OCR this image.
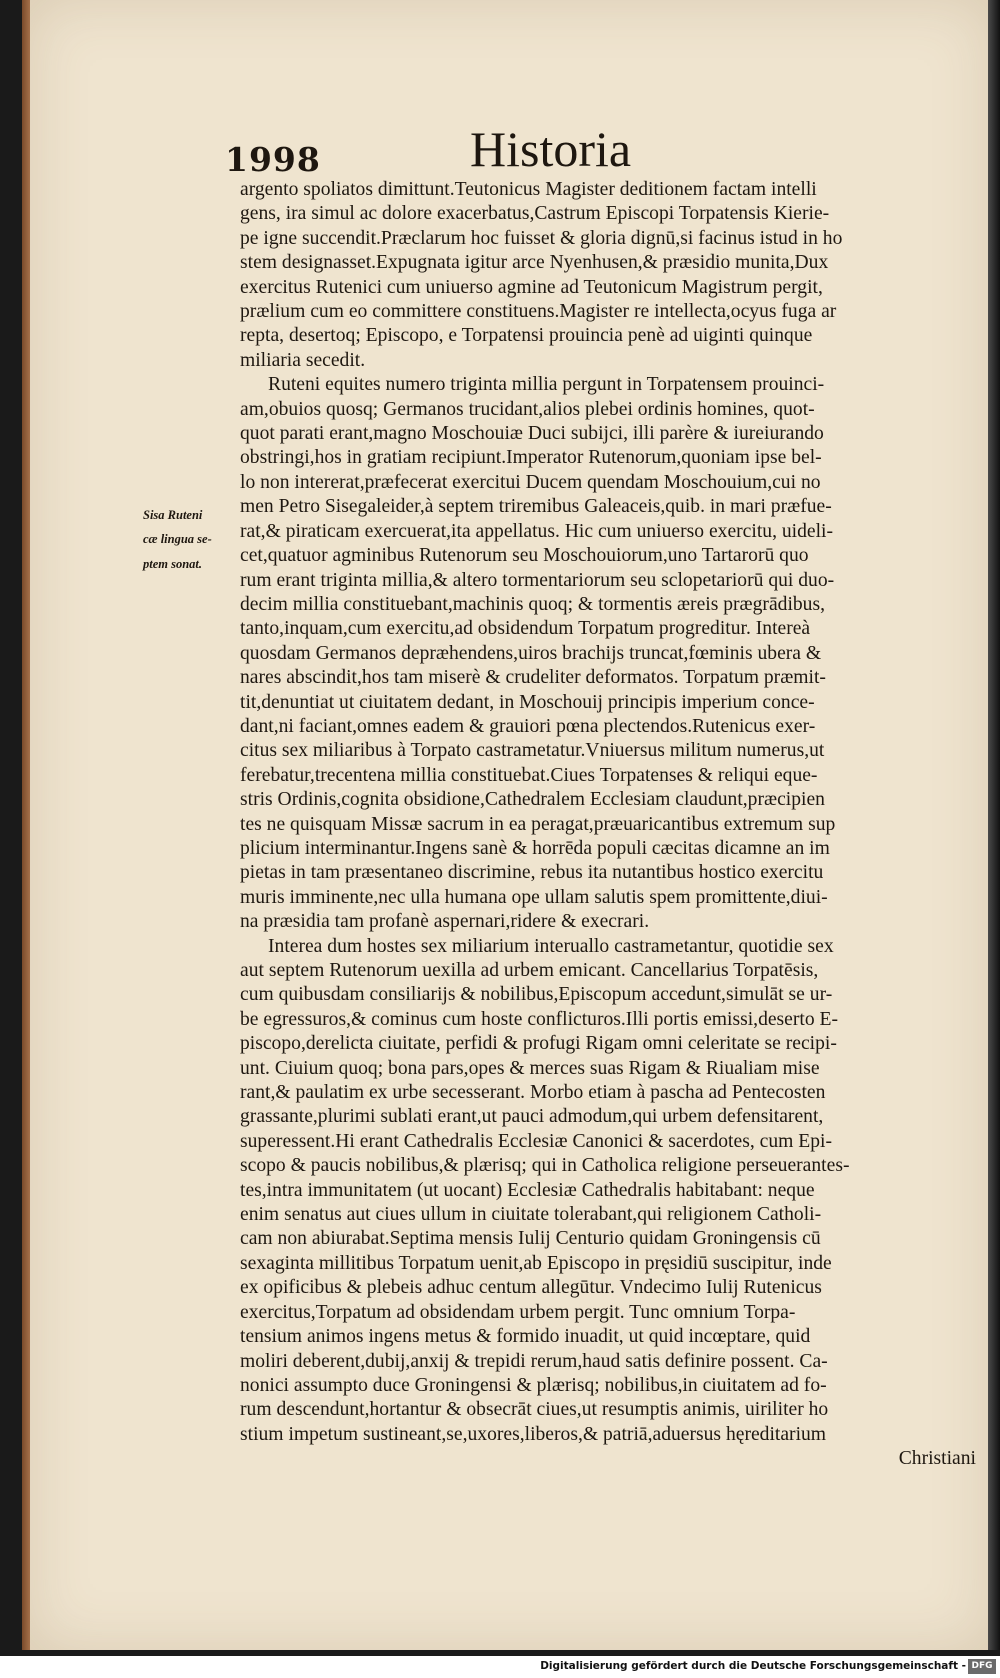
1998	Historia
argento spoliatos dimittunt.Teutonicus Magister deditionem factam intelli
gens, ira simul ac dolore exacerbatus,Castrum Episcopi Torpatensis Kierie-
pe igne succendit.Præclarum hoc fuisset & gloria dignū,si facinus istud in ho
stem designasset.Expugnata igitur arce Nyenhusen,& præsidio munita,Dux
exercitus Rutenici cum uniuerso agmine ad Teutonicum Magistrum pergit,
prælium cum eo committere constituens.Magister re intellecta,ocyus fuga ar
repta, desertoq; Episcopo, e Torpatensi prouincia penè ad uiginti quinque
miliaria secedit.
Ruteni equites numero triginta millia pergunt in Torpatensem prouinci-
am,obuios quosq; Germanos trucidant,alios plebei ordinis homines, quot-
quot parati erant,magno Moschouiæ Duci subijci, illi parère & iureiurando
obstringi,hos in gratiam recipiunt.Imperator Rutenorum,quoniam ipse bel-
lo non intererat,præfecerat exercitui Ducem quendam Moschouium,cui no
men Petro Sisegaleider,à septem triremibus Galeaceis,quib. in mari præfue-
rat,& piraticam exercuerat,ita appellatus. Hic cum uniuerso exercitu, uideli-
cet,quatuor agminibus Rutenorum seu Moschouiorum,uno Tartarorū quo
rum erant triginta millia,& altero tormentariorum seu sclopetariorū qui duo-
decim millia constituebant,machinis quoq; & tormentis æreis prægrādibus,
tanto,inquam,cum exercitu,ad obsidendum Torpatum progreditur. Intereà
quosdam Germanos depræhendens,uiros brachijs truncat,fœminis ubera &
nares abscindit,hos tam miserè & crudeliter deformatos. Torpatum præmit-
tit,denuntiat ut ciuitatem dedant, in Moschouij principis imperium conce-
dant,ni faciant,omnes eadem & grauiori pœna plectendos.Rutenicus exer-
citus sex miliaribus à Torpato castrametatur.Vniuersus militum numerus,ut
ferebatur,trecentena millia constituebat.Ciues Torpatenses & reliqui eque-
stris Ordinis,cognita obsidione,Cathedralem Ecclesiam claudunt,præcipien
tes ne quisquam Missæ sacrum in ea peragat,præuaricantibus extremum sup
plicium interminantur.Ingens sanè & horrēda populi cæcitas dicamne an im
pietas in tam præsentaneo discrimine, rebus ita nutantibus hostico exercitu
muris imminente,nec ulla humana ope ullam salutis spem promittente,diui-
na præsidia tam profanè aspernari,ridere & execrari.
Interea dum hostes sex miliarium interuallo castrametantur, quotidie sex
aut septem Rutenorum uexilla ad urbem emicant. Cancellarius Torpatēsis,
cum quibusdam consiliarijs & nobilibus,Episcopum accedunt,simulāt se ur-
be egressuros,& cominus cum hoste conflicturos.Illi portis emissi,deserto E-
piscopo,derelicta ciuitate, perfidi & profugi Rigam omni celeritate se recipi-
unt. Ciuium quoq; bona pars,opes & merces suas Rigam & Riualiam mise
rant,& paulatim ex urbe secesserant. Morbo etiam à pascha ad Pentecosten
grassante,plurimi sublati erant,ut pauci admodum,qui urbem defensitarent,
superessent.Hi erant Cathedralis Ecclesiæ Canonici & sacerdotes, cum Epi-
scopo & paucis nobilibus,& plærisq; qui in Catholica religione perseuerantes-
tes,intra immunitatem (ut uocant) Ecclesiæ Cathedralis habitabant: neque
enim senatus aut ciues ullum in ciuitate tolerabant,qui religionem Catholi-
cam non abiurabat.Septima mensis Iulij Centurio quidam Groningensis cū
sexaginta millitibus Torpatum uenit,ab Episcopo in pręsidiū suscipitur, inde
ex opificibus & plebeis adhuc centum allegūtur. Vndecimo Iulij Rutenicus
exercitus,Torpatum ad obsidendam urbem pergit. Tunc omnium Torpa-
tensium animos ingens metus & formido inuadit, ut quid incœptare, quid
moliri deberent,dubij,anxij & trepidi rerum,haud satis definire possent. Ca-
nonici assumpto duce Groningensi & plærisq; nobilibus,in ciuitatem ad fo-
rum descendunt,hortantur & obsecrāt ciues,ut resumptis animis, uiriliter ho
stium impetum sustineant,se,uxores,liberos,& patriā,aduersus hęreditarium
Christiani
Sisa Ruteni
cæ lingua se-
ptem sonat.
Digitalisierung gefördert durch die Deutsche Forschungsgemeinschaft - DFG
